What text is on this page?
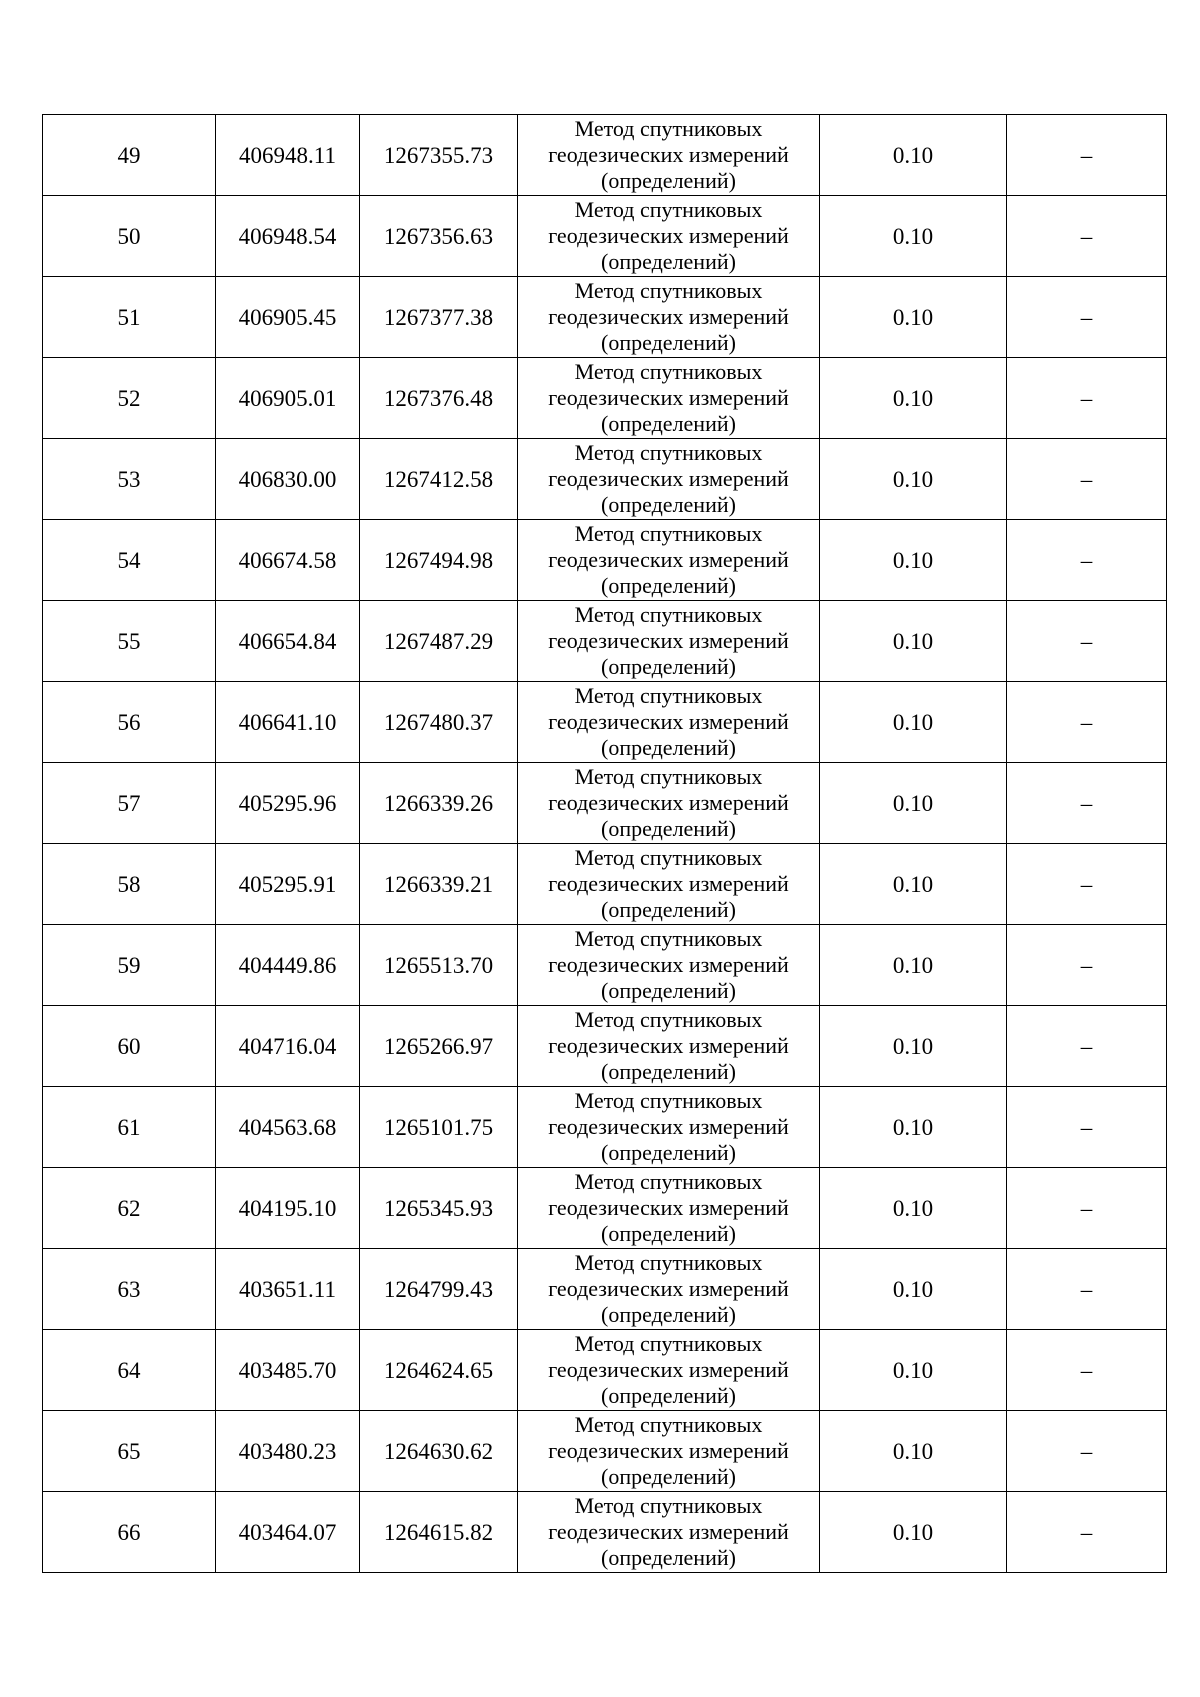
49	406948.11	1267355.73	Метод спутниковых
геодезических измерений
(определений)	0.10	–
50	406948.54	1267356.63	Метод спутниковых
геодезических измерений
(определений)	0.10	–
51	406905.45	1267377.38	Метод спутниковых
геодезических измерений
(определений)	0.10	–
52	406905.01	1267376.48	Метод спутниковых
геодезических измерений
(определений)	0.10	–
53	406830.00	1267412.58	Метод спутниковых
геодезических измерений
(определений)	0.10	–
54	406674.58	1267494.98	Метод спутниковых
геодезических измерений
(определений)	0.10	–
55	406654.84	1267487.29	Метод спутниковых
геодезических измерений
(определений)	0.10	–
56	406641.10	1267480.37	Метод спутниковых
геодезических измерений
(определений)	0.10	–
57	405295.96	1266339.26	Метод спутниковых
геодезических измерений
(определений)	0.10	–
58	405295.91	1266339.21	Метод спутниковых
геодезических измерений
(определений)	0.10	–
59	404449.86	1265513.70	Метод спутниковых
геодезических измерений
(определений)	0.10	–
60	404716.04	1265266.97	Метод спутниковых
геодезических измерений
(определений)	0.10	–
61	404563.68	1265101.75	Метод спутниковых
геодезических измерений
(определений)	0.10	–
62	404195.10	1265345.93	Метод спутниковых
геодезических измерений
(определений)	0.10	–
63	403651.11	1264799.43	Метод спутниковых
геодезических измерений
(определений)	0.10	–
64	403485.70	1264624.65	Метод спутниковых
геодезических измерений
(определений)	0.10	–
65	403480.23	1264630.62	Метод спутниковых
геодезических измерений
(определений)	0.10	–
66	403464.07	1264615.82	Метод спутниковых
геодезических измерений
(определений)	0.10	–
